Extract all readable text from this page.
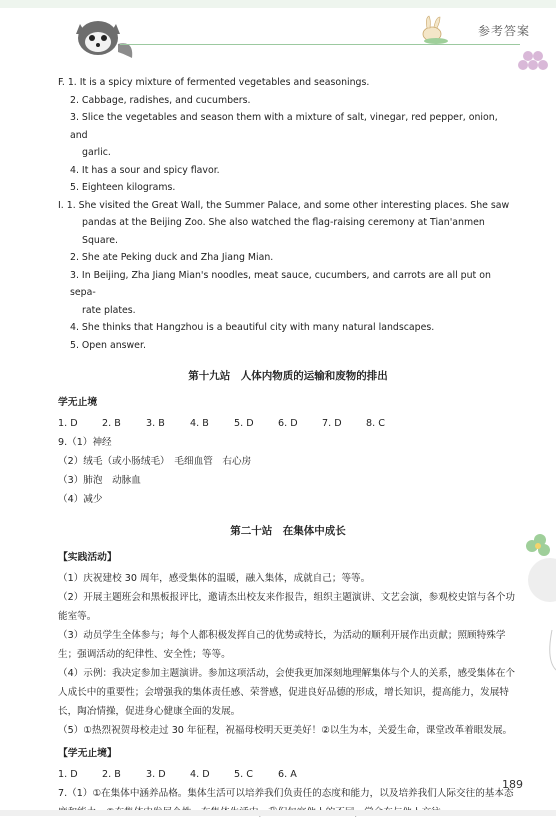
参考答案

F. 1. It is a spicy mixture of fermented vegetables and seasonings.

2. Cabbage, radishes, and cucumbers.

3. Slice the vegetables and season them with a mixture of salt, vinegar, red pepper, onion, and

garlic.

4. It has a sour and spicy flavor.

5. Eighteen kilograms.

I. 1. She visited the Great Wall, the Summer Palace, and some other interesting places. She saw

pandas at the Beijing Zoo. She also watched the flag-raising ceremony at Tian'anmen Square.

2. She ate Peking duck and Zha Jiang Mian.

3. In Beijing, Zha Jiang Mian's noodles, meat sauce, cucumbers, and carrots are all put on sepa-

rate plates.

4. She thinks that Hangzhou is a beautiful city with many natural landscapes.

5. Open answer.

第十九站　人体内物质的运输和废物的排出
学无止境
1. D	2. B	3. B	4. B	5. D	6. D	7. D	8. C

9.（1）神经

（2）绒毛（或小肠绒毛）　毛细血管　右心房

（3）肺泡　动脉血

（4）减少

第二十站　在集体中成长
【实践活动】

（1）庆祝建校 30 周年，感受集体的温暖，融入集体，成就自己；等等。

（2）开展主题班会和黑板报评比，邀请杰出校友来作报告，组织主题演讲、文艺会演，参观校史馆与各个功能室等。

（3）动员学生全体参与；每个人都积极发挥自己的优势或特长，为活动的顺利开展作出贡献；照顾特殊学生；强调活动的纪律性、安全性；等等。

（4）示例：我决定参加主题演讲。参加这项活动，会使我更加深刻地理解集体与个人的关系，感受集体在个人成长中的重要性；会增强我的集体责任感、荣誉感，促进良好品德的形成，增长知识，提高能力，发展特长，陶冶情操，促进身心健康全面的发展。

（5）①热烈祝贺母校走过 30 年征程，祝福母校明天更美好！②以生为本，关爱生命，课堂改革着眼发展。

【学无止境】
1. D	2. B	3. D	4. D	5. C	6. A

7.（1）①在集体中涵养品格。集体生活可以培养我们负责任的态度和能力，以及培养我们人际交往的基本态

189
